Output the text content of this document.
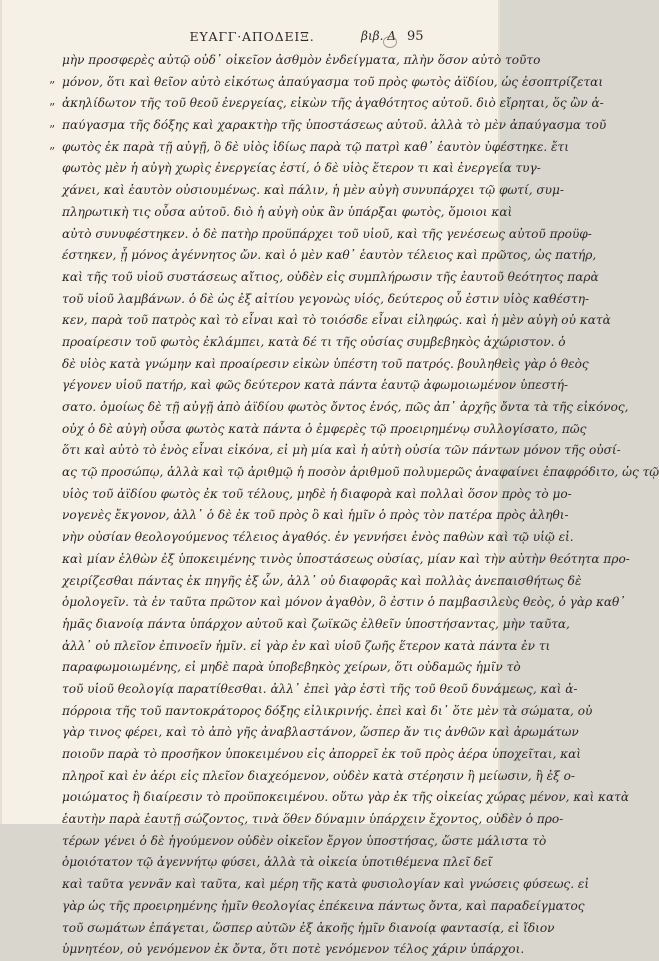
ΕΥΑΓΓ·ΑΠΟΔΕΙΞ.	βιβ. Δ 95
”
”
”
”
μὴν προσφερὲς αὐτῷ οὐδ᾽ οἰκεῖον ἀσθμὸν ἐνδείγματα, πλὴν ὅσον αὐτὸ τοῦτο
μόνον, ὅτι καὶ θεῖον αὐτὸ εἰκότως ἀπαύγασμα τοῦ πρὸς φωτὸς ἀϊδίου, ὡς ἐσοπτρίζεται
ἀκηλίδωτον τῆς τοῦ θεοῦ ἐνεργείας, εἰκὼν τῆς ἀγαθότητος αὐτοῦ. διὸ εἴρηται, ὅς ὢν ἀ-
παύγασμα τῆς δόξης καὶ χαρακτὴρ τῆς ὑποστάσεως αὐτοῦ. ἀλλὰ τὸ μὲν ἀπαύγασμα τοῦ
φωτὸς ἐκ παρὰ τῇ αὐγῇ, ὃ δὲ υἱὸς ἰδίως παρὰ τῷ πατρὶ καθ᾽ ἑαυτὸν ὑφέστηκε. ἔτι
φωτὸς μὲν ἡ αὐγὴ χωρὶς ἐνεργείας ἐστί, ὁ δὲ υἱὸς ἕτερον τι καὶ ἐνεργεία τυγ-
χάνει, καὶ ἑαυτὸν οὐσιουμένως. καὶ πάλιν, ἡ μὲν αὐγὴ συνυπάρχει τῷ φωτί, συμ-
πληρωτικὴ τις οὖσα αὐτοῦ. διὸ ἡ αὐγὴ οὐκ ἂν ὑπάρξαι φωτὸς, ὅμοιοι καὶ
αὐτὸ συνυφέστηκεν. ὁ δὲ πατὴρ προϋπάρχει τοῦ υἱοῦ, καὶ τῆς γενέσεως αὐτοῦ προϋφ-
έστηκεν, ᾗ μόνος ἀγέννητος ὤν. καὶ ὁ μὲν καθ᾽ ἑαυτὸν τέλειος καὶ πρῶτος, ὡς πατήρ,
καὶ τῆς τοῦ υἱοῦ συστάσεως αἴτιος, οὐδὲν εἰς συμπλήρωσιν τῆς ἑαυτοῦ θεότητος παρὰ
τοῦ υἱοῦ λαμβάνων. ὁ δὲ ὡς ἐξ αἰτίου γεγονὼς υἱός, δεύτερος οὗ ἐστιν υἱὸς καθέστη-
κεν, παρὰ τοῦ πατρὸς καὶ τὸ εἶναι καὶ τὸ τοιόσδε εἶναι εἰληφώς. καὶ ἡ μὲν αὐγὴ οὐ κατὰ
προαίρεσιν τοῦ φωτὸς ἐκλάμπει, κατὰ δέ τι τῆς οὐσίας συμβεβηκὸς ἀχώριστον. ὁ
δὲ υἱὸς κατὰ γνώμην καὶ προαίρεσιν εἰκὼν ὑπέστη τοῦ πατρός. βουληθεὶς γὰρ ὁ θεὸς
γέγονεν υἱοῦ πατήρ, καὶ φῶς δεύτερον κατὰ πάντα ἑαυτῷ ἀφωμοιωμένον ὑπεστή-
σατο. ὁμοίως δὲ τῇ αὐγῇ ἀπὸ ἀϊδίου φωτὸς ὄντος ἑνός, πῶς ἀπ᾽ ἀρχῆς ὄντα τὰ τῆς εἰκόνος,
οὐχ ὁ δὲ αὐγὴ οὖσα φωτὸς κατὰ πάντα ὁ ἐμφερὲς τῷ προειρημένῳ συλλογίσατο, πῶς
ὅτι καὶ αὐτὸ τὸ ἑνὸς εἶναι εἰκόνα, εἰ μὴ μία καὶ ἡ αὐτὴ οὐσία τῶν πάντων μόνον τῆς οὐσί-
ας τῷ προσώπῳ, ἀλλὰ καὶ τῷ ἀριθμῷ ἡ ποσὸν ἀριθμοῦ πολυμερῶς ἀναφαίνει ἐπαφρόδιτο, ὡς τῷ
υἱὸς τοῦ ἀϊδίου φωτὸς ἐκ τοῦ τέλους, μηδὲ ἡ διαφορὰ καὶ πολλαὶ ὅσον πρὸς τὸ μο-
νογενὲς ἔκγονον, ἀλλ᾽ ὁ δὲ ἐκ τοῦ πρὸς ὃ καὶ ἡμῖν ὁ πρὸς τὸν πατέρα πρὸς ἀληθι-
νὴν οὐσίαν θεολογούμενος τέλειος ἀγαθός. ἐν γεννήσει ἑνὸς παθὼν καὶ τῷ υἱῷ εἰ.
καὶ μίαν ἐλθὼν ἐξ ὑποκειμένης τινὸς ὑποστάσεως οὐσίας, μίαν καὶ τὴν αὐτὴν θεότητα προ-
χειρίζεσθαι πάντας ἐκ πηγῆς ἐξ ὧν, ἀλλ᾽ οὐ διαφορᾶς καὶ πολλὰς ἀνεπαισθήτως δὲ
ὁμολογεῖν. τὰ ἐν ταῦτα πρῶτον καὶ μόνον ἀγαθὸν, ὃ ἐστιν ὁ παμβασιλεὺς θεὸς, ὁ γὰρ καθ᾽
ἡμᾶς διανοίᾳ πάντα ὑπάρχον αὐτοῦ καὶ ζωϊκῶς ἐλθεῖν ὑποστήσαντας, μὴν ταῦτα,
ἀλλ᾽ οὐ πλεῖον ἐπινοεῖν ἡμῖν. εἰ γὰρ ἐν καὶ υἱοῦ ζωῆς ἕτερον κατὰ πάντα ἐν τι
παραφωμοιωμένης, εἰ μηδὲ παρὰ ὑποβεβηκὸς χείρων, ὅτι οὐδαμῶς ἡμῖν τὸ
τοῦ υἱοῦ θεολογίᾳ παρατίθεσθαι. ἀλλ᾽ ἐπεὶ γὰρ ἐστὶ τῆς τοῦ θεοῦ δυνάμεως, καὶ ἀ-
πόρροια τῆς τοῦ παντοκράτορος δόξης εἰλικρινής. ἐπεὶ καὶ δι᾽ ὅτε μὲν τὰ σώματα, οὐ
γὰρ τινος φέρει, καὶ τὸ ἀπὸ γῆς ἀναβλαστάνον, ὥσπερ ἄν τις ἀνθῶν καὶ ἀρωμάτων
ποιοῦν παρὰ τὸ προσῆκον ὑποκειμένου εἰς ἀπορρεῖ ἐκ τοῦ πρὸς ἀέρα ὑποχεῖται, καὶ
πληροῖ καὶ ἐν ἀέρι εἰς πλεῖον διαχεόμενον, οὐδὲν κατὰ στέρησιν ἢ μείωσιν, ἢ ἐξ ο-
μοιώματος ἢ διαίρεσιν τὸ προϋποκειμένου. οὕτω γὰρ ἐκ τῆς οἰκείας χώρας μένον, καὶ κατὰ
ἑαυτὴν παρὰ ἑαυτῇ σώζοντος, τινὰ ὅθεν δύναμιν ὑπάρχειν ἔχοντος, οὐδὲν ὁ προ-
τέρων γένει ὁ δὲ ἡγούμενον οὐδὲν οἰκεῖον ἔργον ὑποστήσας, ὥστε μάλιστα τὸ
ὁμοιότατον τῷ ἀγεννήτῳ φύσει, ἀλλὰ τὰ οἰκεία ὑποτιθέμενα πλεῖ δεῖ
καὶ ταῦτα γεννᾶν καὶ ταῦτα, καὶ μέρη τῆς κατὰ φυσιολογίαν καὶ γνώσεις φύσεως. εἰ
γὰρ ὡς τῆς προειρημένης ἡμῖν θεολογίας ἐπέκεινα πάντως ὄντα, καὶ παραδείγματος
τοῦ σωμάτων ἐπάγεται, ὥσπερ αὐτῶν ἐξ ἀκοῆς ἡμῖν διανοίᾳ φαντασίᾳ, εἰ ἴδιον
ὑμνητέον, οὐ γενόμενον ἐκ ὄντα, ὅτι ποτὲ γενόμενον τέλος χάριν ὑπάρχοι.
